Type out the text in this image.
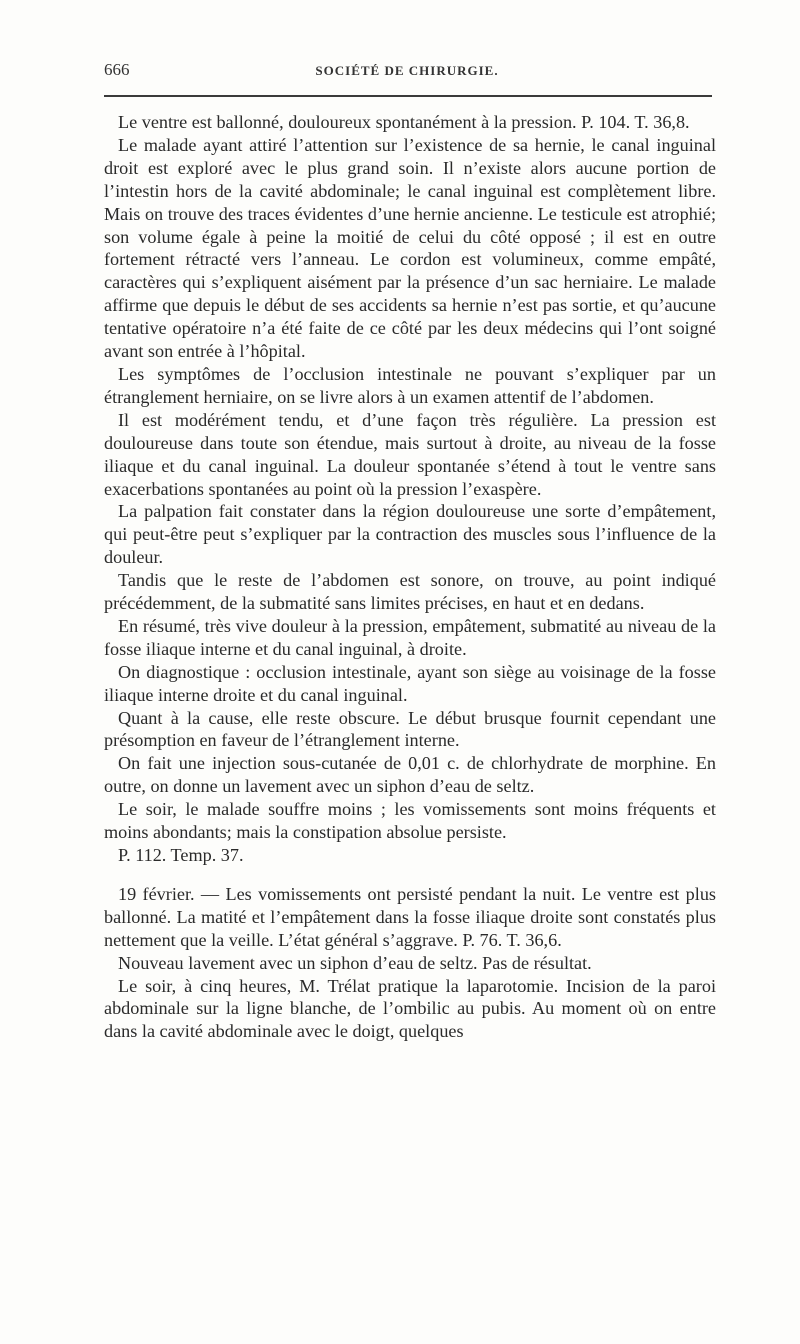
666	SOCIÉTÉ DE CHIRURGIE.

Le ventre est ballonné, douloureux spontanément à la pression. P. 104. T. 36,8.

Le malade ayant attiré l’attention sur l’existence de sa hernie, le canal inguinal droit est exploré avec le plus grand soin. Il n’existe alors aucune portion de l’intestin hors de la cavité abdominale; le canal inguinal est complètement libre. Mais on trouve des traces évidentes d’une hernie ancienne. Le testicule est atrophié; son volume égale à peine la moitié de celui du côté opposé ; il est en outre fortement rétracté vers l’anneau. Le cordon est volumineux, comme empâté, caractères qui s’expliquent aisément par la présence d’un sac herniaire. Le malade affirme que depuis le début de ses accidents sa hernie n’est pas sortie, et qu’aucune tentative opératoire n’a été faite de ce côté par les deux médecins qui l’ont soigné avant son entrée à l’hôpital.

Les symptômes de l’occlusion intestinale ne pouvant s’expliquer par un étranglement herniaire, on se livre alors à un examen attentif de l’abdomen.

Il est modérément tendu, et d’une façon très régulière. La pression est douloureuse dans toute son étendue, mais surtout à droite, au niveau de la fosse iliaque et du canal inguinal. La douleur spontanée s’étend à tout le ventre sans exacerbations spontanées au point où la pression l’exaspère.

La palpation fait constater dans la région douloureuse une sorte d’empâtement, qui peut-être peut s’expliquer par la contraction des muscles sous l’influence de la douleur.

Tandis que le reste de l’abdomen est sonore, on trouve, au point indiqué précédemment, de la submatité sans limites précises, en haut et en dedans.

En résumé, très vive douleur à la pression, empâtement, submatité au niveau de la fosse iliaque interne et du canal inguinal, à droite.

On diagnostique : occlusion intestinale, ayant son siège au voisinage de la fosse iliaque interne droite et du canal inguinal.

Quant à la cause, elle reste obscure. Le début brusque fournit cependant une présomption en faveur de l’étranglement interne.

On fait une injection sous-cutanée de 0,01 c. de chlorhydrate de morphine. En outre, on donne un lavement avec un siphon d’eau de seltz.

Le soir, le malade souffre moins ; les vomissements sont moins fréquents et moins abondants; mais la constipation absolue persiste.

P. 112. Temp. 37.

19 février. — Les vomissements ont persisté pendant la nuit. Le ventre est plus ballonné. La matité et l’empâtement dans la fosse iliaque droite sont constatés plus nettement que la veille. L’état général s’aggrave. P. 76. T. 36,6.

Nouveau lavement avec un siphon d’eau de seltz. Pas de résultat.

Le soir, à cinq heures, M. Trélat pratique la laparotomie. Incision de la paroi abdominale sur la ligne blanche, de l’ombilic au pubis. Au moment où on entre dans la cavité abdominale avec le doigt, quelques
